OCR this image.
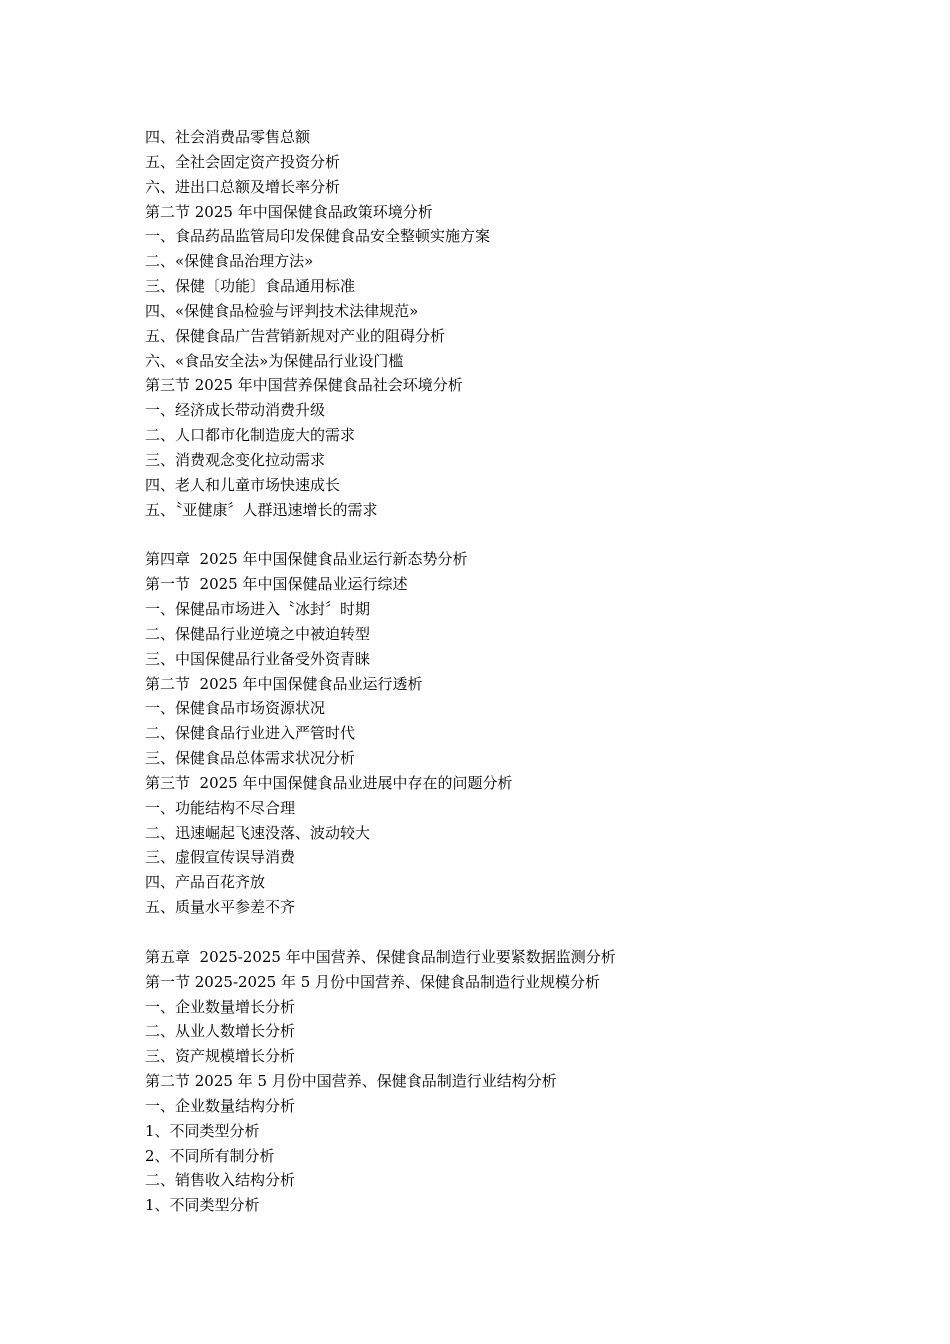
四、社会消费品零售总额
五、全社会固定资产投资分析
六、进出口总额及增长率分析
第二节 2025 年中国保健食品政策环境分析
一、食品药品监管局印发保健食品安全整顿实施方案
二、«保健食品治理方法»
三、保健〔功能〕食品通用标准
四、«保健食品检验与评判技术法律规范»
五、保健食品广告营销新规对产业的阻碍分析
六、«食品安全法»为保健品行业设门槛
第三节 2025 年中国营养保健食品社会环境分析
一、经济成长带动消费升级
二、人口都市化制造庞大的需求
三、消费观念变化拉动需求
四、老人和儿童市场快速成长
五、〝亚健康〞人群迅速增长的需求
第四章  2025 年中国保健食品业运行新态势分析
第一节  2025 年中国保健品业运行综述
一、保健品市场进入〝冰封〞时期
二、保健品行业逆境之中被迫转型
三、中国保健品行业备受外资青睐
第二节  2025 年中国保健食品业运行透析
一、保健食品市场资源状况
二、保健食品行业进入严管时代
三、保健食品总体需求状况分析
第三节  2025 年中国保健食品业进展中存在的问题分析
一、功能结构不尽合理
二、迅速崛起飞速没落、波动较大
三、虚假宣传误导消费
四、产品百花齐放
五、质量水平参差不齐
第五章  2025-2025 年中国营养、保健食品制造行业要紧数据监测分析
第一节 2025-2025 年 5 月份中国营养、保健食品制造行业规模分析
一、企业数量增长分析
二、从业人数增长分析
三、资产规模增长分析
第二节 2025 年 5 月份中国营养、保健食品制造行业结构分析
一、企业数量结构分析
1、不同类型分析
2、不同所有制分析
二、销售收入结构分析
1、不同类型分析
